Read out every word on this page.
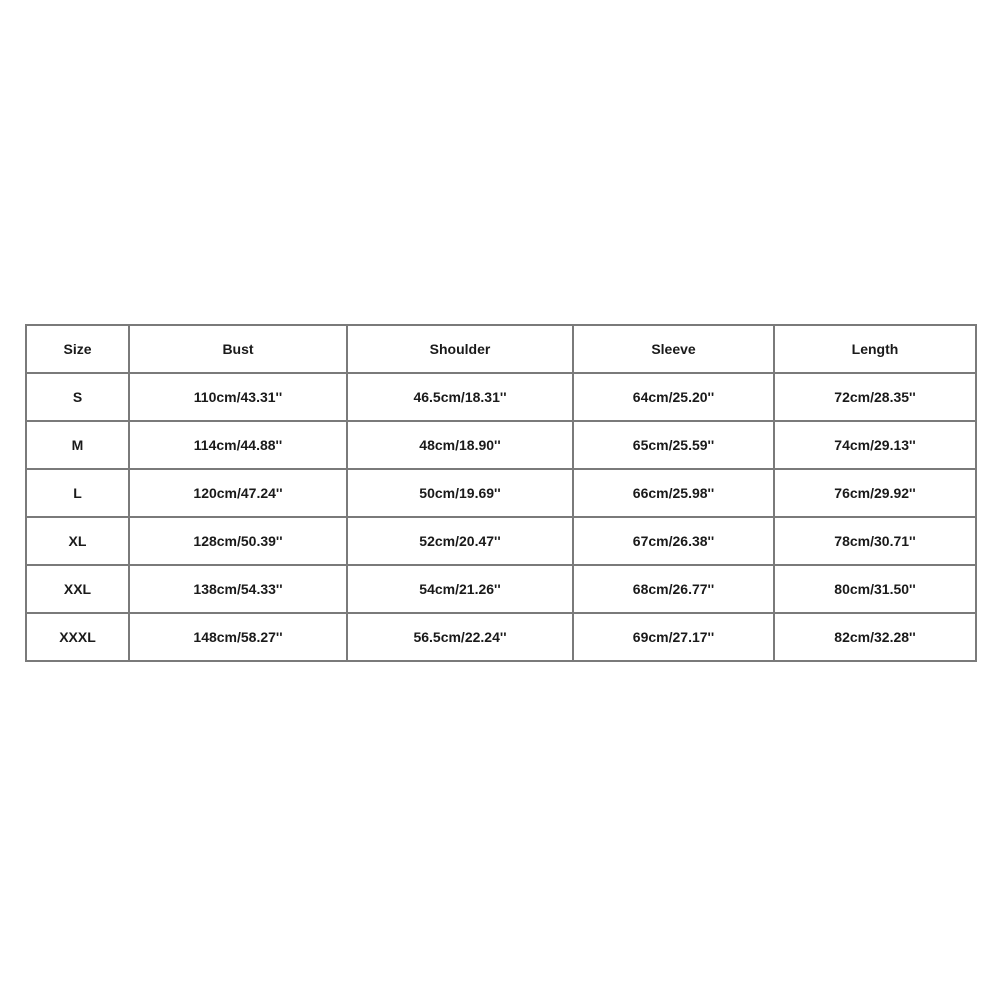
Size	Bust	Shoulder	Sleeve	Length
S	110cm/43.31''	46.5cm/18.31''	64cm/25.20''	72cm/28.35''
M	114cm/44.88''	48cm/18.90''	65cm/25.59''	74cm/29.13''
L	120cm/47.24''	50cm/19.69''	66cm/25.98''	76cm/29.92''
XL	128cm/50.39''	52cm/20.47''	67cm/26.38''	78cm/30.71''
XXL	138cm/54.33''	54cm/21.26''	68cm/26.77''	80cm/31.50''
XXXL	148cm/58.27''	56.5cm/22.24''	69cm/27.17''	82cm/32.28''
